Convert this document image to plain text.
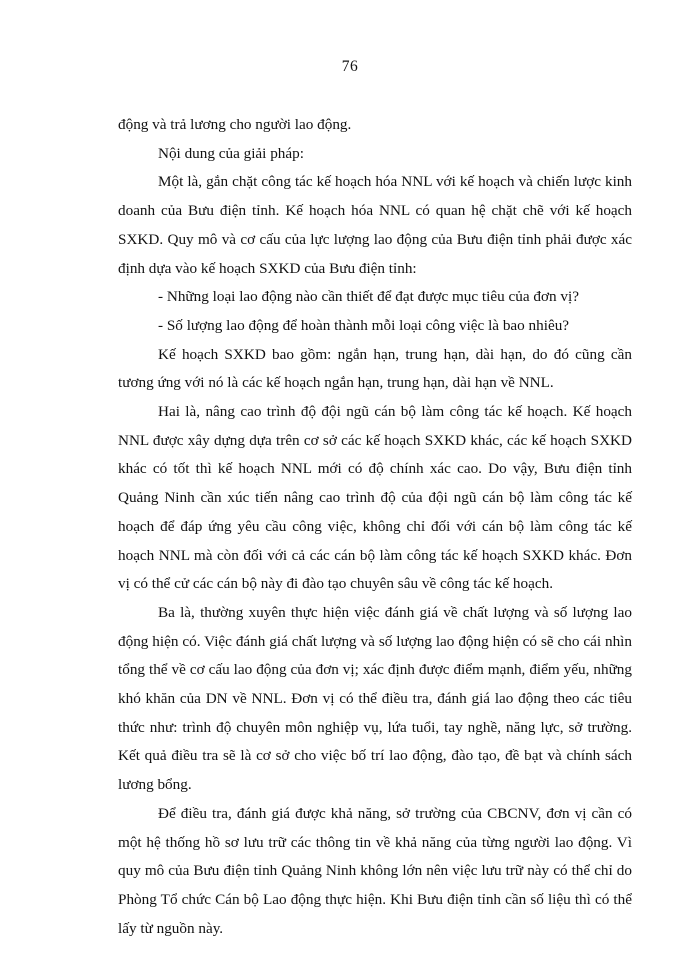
76

động và trả lương cho người lao động.

Nội dung của giải pháp:

Một là, gắn chặt công tác kế hoạch hóa NNL với kế hoạch và chiến lược kinh doanh của Bưu điện tỉnh. Kế hoạch hóa NNL có quan hệ chặt chẽ với kế hoạch SXKD. Quy mô và cơ cấu của lực lượng lao động của Bưu điện tỉnh phải được xác định dựa vào kế hoạch SXKD của Bưu điện tỉnh:

- Những loại lao động nào cần thiết để đạt được mục tiêu của đơn vị?

- Số lượng lao động để hoàn thành mỗi loại công việc là bao nhiêu?

Kế hoạch SXKD bao gồm: ngắn hạn, trung hạn, dài hạn, do đó cũng cần tương ứng với nó là các kế hoạch ngắn hạn, trung hạn, dài hạn về NNL.

Hai là, nâng cao trình độ đội ngũ cán bộ làm công tác kế hoạch. Kế hoạch NNL được xây dựng dựa trên cơ sở các kế hoạch SXKD khác, các kế hoạch SXKD khác có tốt thì kế hoạch NNL mới có độ chính xác cao. Do vậy, Bưu điện tỉnh Quảng Ninh cần xúc tiến nâng cao trình độ của đội ngũ cán bộ làm công tác kế hoạch để đáp ứng yêu cầu công việc, không chỉ đối với cán bộ làm công tác kế hoạch NNL mà còn đối với cả các cán bộ làm công tác kế hoạch SXKD khác. Đơn vị có thể cử các cán bộ này đi đào tạo chuyên sâu về công tác kế hoạch.

Ba là, thường xuyên thực hiện việc đánh giá về chất lượng và số lượng lao động hiện có. Việc đánh giá chất lượng và số lượng lao động hiện có sẽ cho cái nhìn tổng thể về cơ cấu lao động của đơn vị; xác định được điểm mạnh, điểm yếu, những khó khăn của DN về NNL. Đơn vị có thể điều tra, đánh giá lao động theo các tiêu thức như: trình độ chuyên môn nghiệp vụ, lứa tuổi, tay nghề, năng lực, sở trường. Kết quả điều tra sẽ là cơ sở cho việc bố trí lao động, đào tạo, đề bạt và chính sách lương bổng.

Để điều tra, đánh giá được khả năng, sở trường của CBCNV, đơn vị cần có một hệ thống hồ sơ lưu trữ các thông tin về khả năng của từng người lao động. Vì quy mô của Bưu điện tỉnh Quảng Ninh không lớn nên việc lưu trữ này có thể chỉ do Phòng Tổ chức Cán bộ Lao động thực hiện. Khi Bưu điện tỉnh cần số liệu thì có thể lấy từ nguồn này.
